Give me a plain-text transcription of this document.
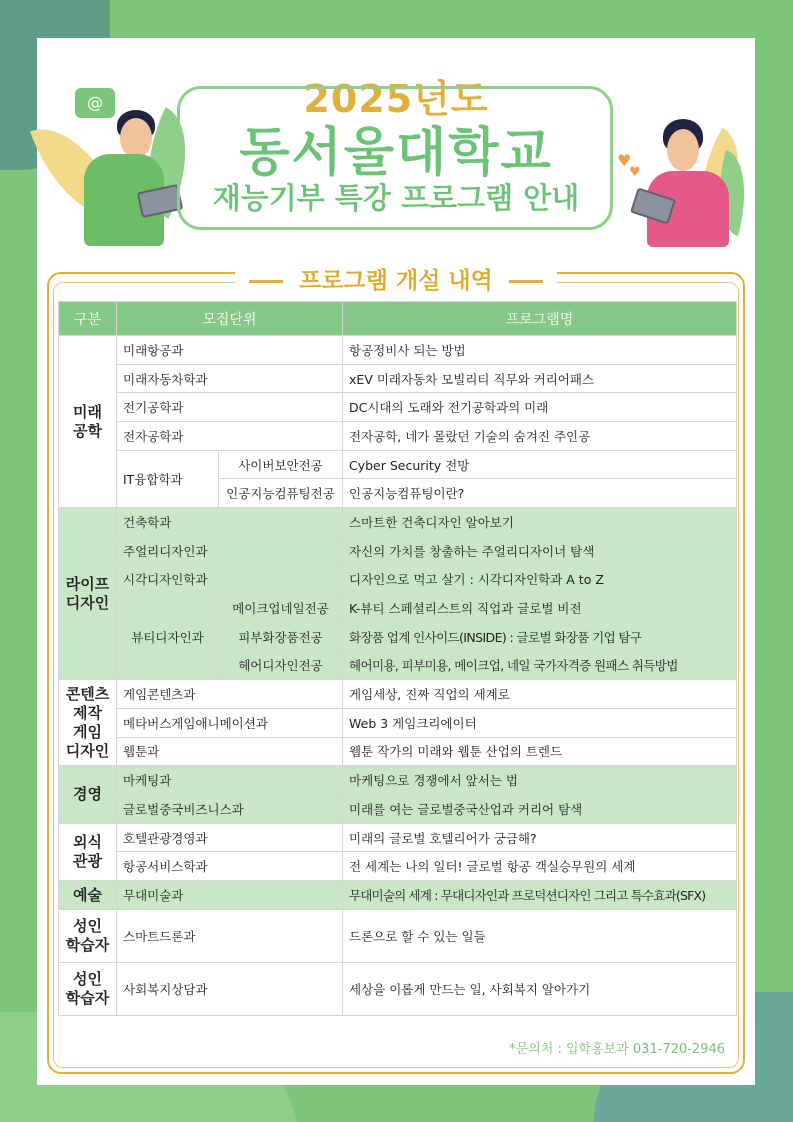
@
♥
♥
2025년도
동서울대학교
재능기부 특강 프로그램 안내
프로그램 개설 내역
구분	모집단위		프로그램명
미래
공학	미래항공과		항공정비사 되는 방법
	미래자동차학과		xEV 미래자동차 모빌리티 직무와 커리어패스
	전기공학과		DC시대의 도래와 전기공학과의 미래
	전자공학과		전자공학, 네가 몰랐던 기술의 숨겨진 주인공
	IT융합학과	사이버보안전공	Cyber Security 전망
		인공지능컴퓨팅전공	인공지능컴퓨팅이란?
라이프
디자인	건축학과		스마트한 건축디자인 알아보기
	주얼리디자인과		자신의 가치를 창출하는 주얼리디자이너 탐색
	시각디자인학과		디자인으로 먹고 살기 : 시각디자인학과 A to Z
	뷰티디자인과	메이크업네일전공	K-뷰티 스페셜리스트의 직업과 글로벌 비전
		피부화장품전공	화장품 업계 인사이드(INSIDE) : 글로벌 화장품 기업 탐구
		헤어디자인전공	헤어미용, 피부미용, 메이크업, 네일 국가자격증 원패스 취득방법
콘텐츠
제작
게임
디자인	게임콘텐츠과		게임세상, 진짜 직업의 세계로
	메타버스게임애니메이션과		Web 3 게임크리에이터
	웹툰과		웹툰 작가의 미래와 웹툰 산업의 트렌드
경영	마케팅과		마케팅으로 경쟁에서 앞서는 법
	글로벌중국비즈니스과		미래를 여는 글로벌중국산업과 커리어 탐색
외식
관광	호텔관광경영과		미래의 글로벌 호텔리어가 궁금해?
	항공서비스학과		전 세계는 나의 일터! 글로벌 항공 객실승무원의 세계
예술	무대미술과		무대미술의 세계 : 무대디자인과 프로덕션디자인 그리고 특수효과(SFX)
성인
학습자	스마트드론과		드론으로 할 수 있는 일들
성인
학습자	사회복지상담과		세상을 이롭게 만드는 일, 사회복지 알아가기
*문의처 : 입학홍보과 031-720-2946
